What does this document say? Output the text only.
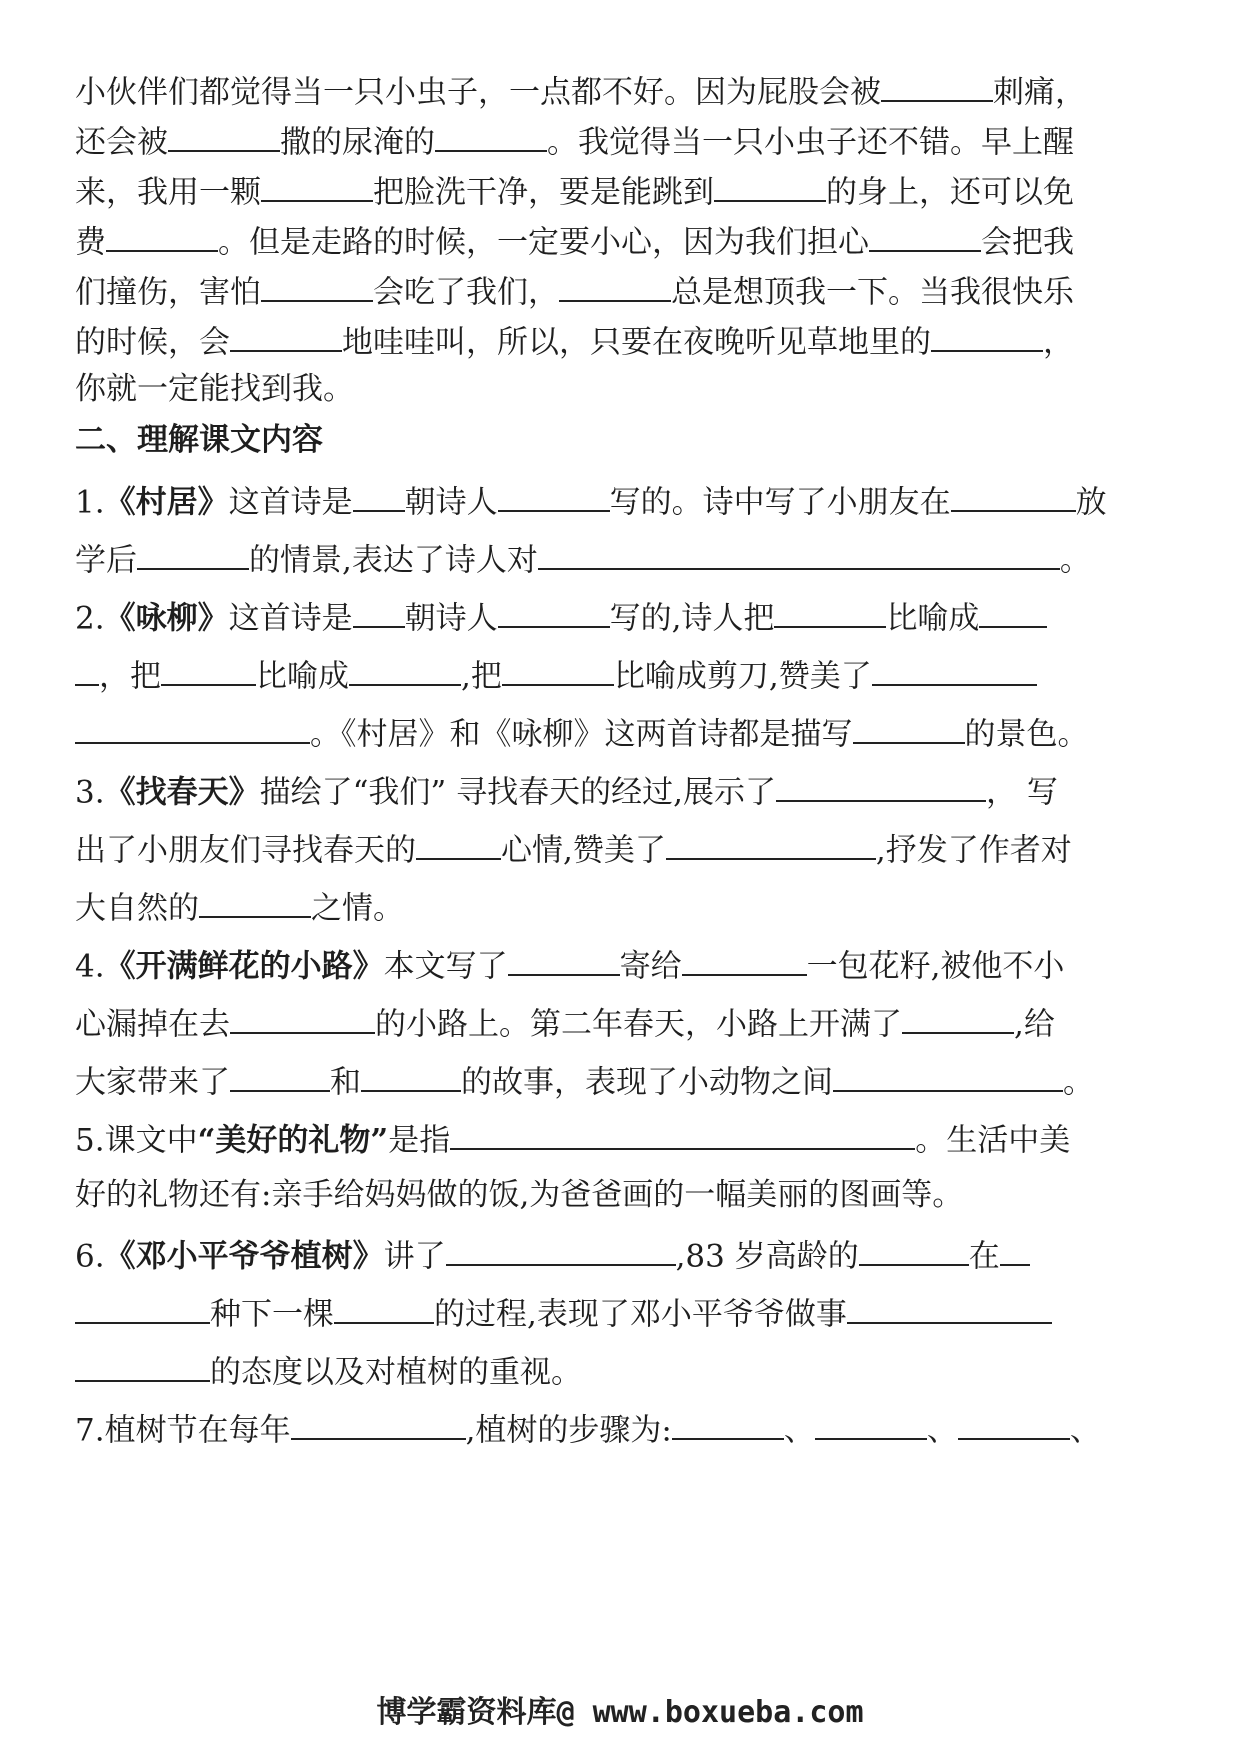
小伙伴们都觉得当一只小虫子，一点都不好。因为屁股会被	刺痛，
还会被	撒的尿淹的	。我觉得当一只小虫子还不错。早上醒
来，我用一颗	把脸洗干净，要是能跳到	的身上，还可以免
费	。但是走路的时候，一定要小心，因为我们担心	会把我
们撞伤，害怕	会吃了我们，	总是想顶我一下。当我很快乐
的时候，会	地哇哇叫，所以，只要在夜晚听见草地里的	，
你就一定能找到我。
二、理解课文内容
1.《村居》这首诗是 朝诗人	写的。诗中写了小朋友在	放
学后	的情景,表达了诗人对	。
2.《咏柳》这首诗是 朝诗人	写的,诗人把	比喻成
，把	比喻成	,把	比喻成剪刀,赞美了
。《村居》和《咏柳》这两首诗都是描写	的景色。
3.《找春天》描绘了“我们” 寻找春天的经过,展示了	， 写
出了小朋友们寻找春天的	心情,赞美了	,抒发了作者对
大自然的	之情。
4.《开满鲜花的小路》本文写了	寄给	一包花籽,被他不小
心漏掉在去	的小路上。第二年春天，小路上开满了	,给
大家带来了	和	的故事，表现了小动物之间	。
5.课文中“美好的礼物”是指	。生活中美
好的礼物还有:亲手给妈妈做的饭,为爸爸画的一幅美丽的图画等。
6.《邓小平爷爷植树》讲了	,83 岁高龄的	在
种下一棵	的过程,表现了邓小平爷爷做事
的态度以及对植树的重视。
7.植树节在每年	,植树的步骤为:	、	、	、
博学霸资料库@ www.boxueba.com
